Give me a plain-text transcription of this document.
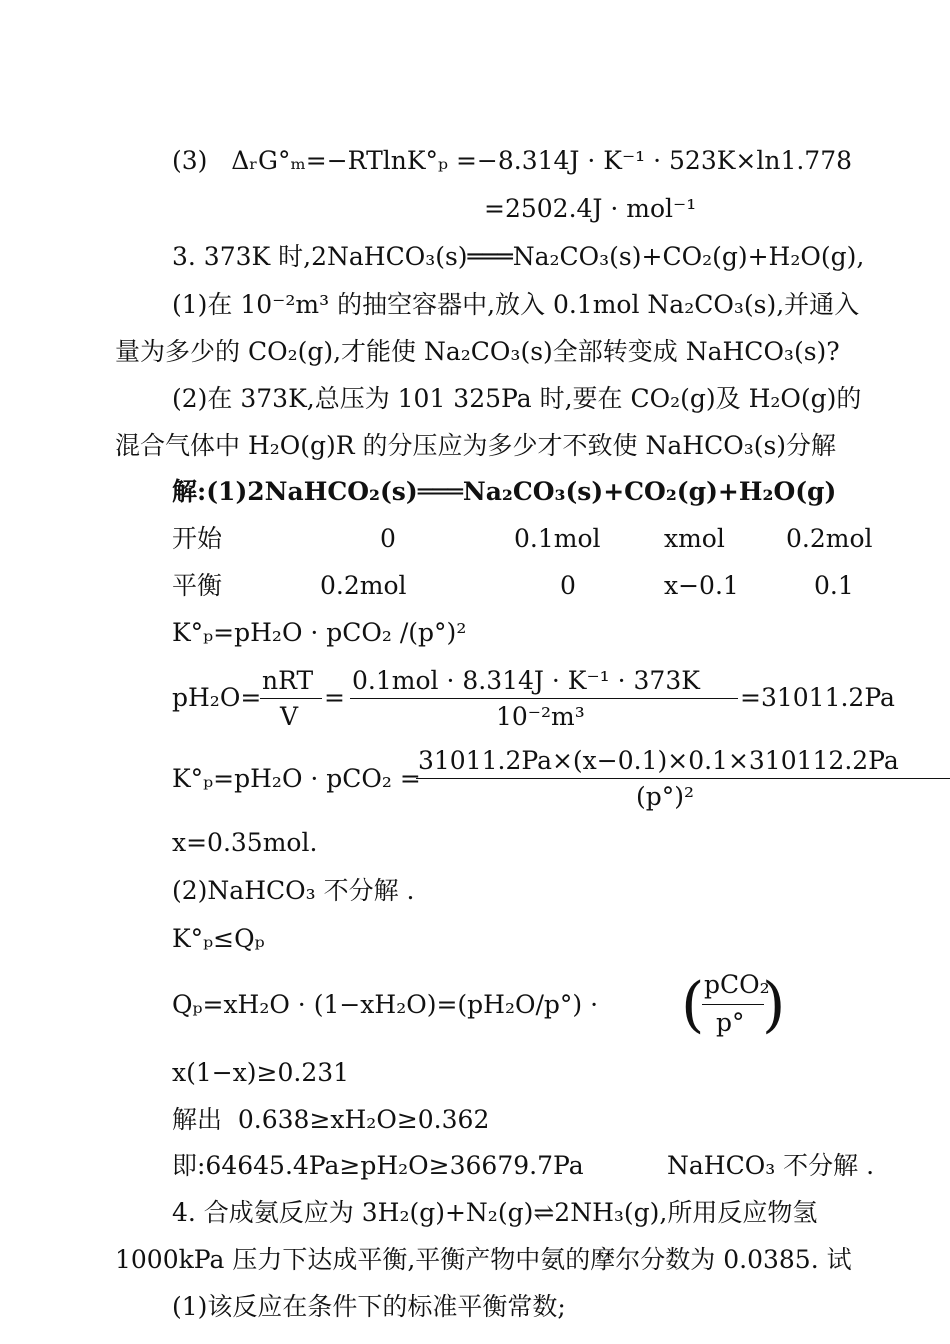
(3)   ΔᵣG°ₘ=−RTlnK°ₚ =−8.314J · K⁻¹ · 523K×ln1.778
=2502.4J · mol⁻¹
3. 373K 时,2NaHCO₃(s)═══Na₂CO₃(s)+CO₂(g)+H₂O(g),
(1)在 10⁻²m³ 的抽空容器中,放入 0.1mol Na₂CO₃(s),并通入
量为多少的 CO₂(g),才能使 Na₂CO₃(s)全部转变成 NaHCO₃(s)?
(2)在 373K,总压为 101 325Pa 时,要在 CO₂(g)及 H₂O(g)的
混合气体中 H₂O(g)R 的分压应为多少才不致使 NaHCO₃(s)分解
解:(1)2NaHCO₂(s)═══Na₂CO₃(s)+CO₂(g)+H₂O(g)
开始	0	0.1mol	xmol 0.2mol
平衡	0.2mol	0	x−0.1	0.1
K°ₚ=pH₂O · pCO₂ /(p°)²
pH₂O=
nRT
V
=
0.1mol · 8.314J · K⁻¹ · 373K
10⁻²m³
=31011.2Pa
K°ₚ=pH₂O · pCO₂ =
31011.2Pa×(x−0.1)×0.1×310112.2Pa
(p°)²
x=0.35mol.
(2)NaHCO₃ 不分解 .
K°ₚ≤Qₚ
Qₚ=xH₂O · (1−xH₂O)=(pH₂O/p°) · ( pCO₂
p° )
x(1−x)≥0.231
解出  0.638≥xH₂O≥0.362
即:64645.4Pa≥pH₂O≥36679.7Pa	NaHCO₃ 不分解 .
4. 合成氨反应为 3H₂(g)+N₂(g)⇌2NH₃(g),所用反应物氢
1000kPa 压力下达成平衡,平衡产物中氨的摩尔分数为 0.0385. 试
(1)该反应在条件下的标准平衡常数;
